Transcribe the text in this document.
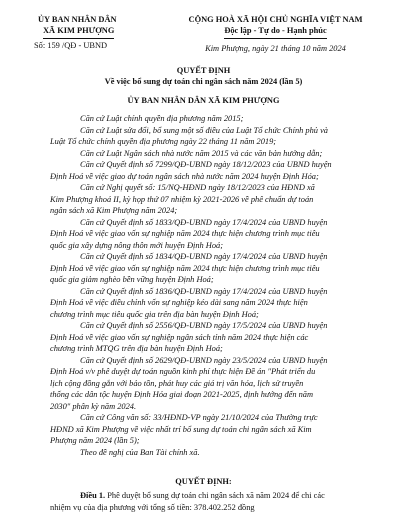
ỦY BAN NHÂN DÂN
XÃ KIM PHƯỢNG
Số: 159 /QĐ - UBND
CỘNG HOÀ XÃ HỘI CHỦ NGHĨA VIỆT NAM
Độc lập - Tự do - Hạnh phúc
Kim Phượng, ngày 21 tháng 10 năm 2024
QUYẾT ĐỊNH
Về việc bổ sung dự toán chi ngân sách năm 2024 (lần 5)
ỦY BAN NHÂN DÂN XÃ KIM PHƯỢNG
Căn cứ Luật chính quyền địa phương năm 2015;
Căn cứ Luật sửa đổi, bổ sung một số điều của Luật Tổ chức Chính phủ và
Luật Tổ chức chính quyền địa phương ngày 22 tháng 11 năm 2019;
Căn cứ Luật Ngân sách nhà nước năm 2015 và các văn bản hướng dẫn;
Căn cứ Quyết định số 7299/QĐ-UBND ngày 18/12/2023 của UBND huyện
Định Hoá về việc giao dự toán ngân sách nhà nước năm 2024 huyện Định Hóa;
Căn cứ Nghị quyết số: 15/NQ-HĐND ngày 18/12/2023 của HĐND xã
Kim Phượng khoá II, kỳ họp thứ 07 nhiệm kỳ 2021-2026 về phê chuẩn dự toán
ngân sách xã Kim Phượng năm 2024;
Căn cứ Quyết định số 1833/QĐ-UBND ngày 17/4/2024 của UBND huyện
Định Hoá về việc giao vốn sự nghiệp năm 2024 thực hiện chương trình mục tiêu
quốc gia xây dựng nông thôn mới huyện Định Hoá;
Căn cứ Quyết định số 1834/QĐ-UBND ngày 17/4/2024 của UBND huyện
Định Hoá về việc giao vốn sự nghiệp năm 2024 thực hiện chương trình mục tiêu
quốc gia giảm nghèo bền vững huyện Định Hoá;
Căn cứ Quyết định số 1836/QĐ-UBND ngày 17/4/2024 của UBND huyện
Định Hoá về việc điều chỉnh vốn sự nghiệp kéo dài sang năm 2024 thực hiện
chương trình mục tiêu quốc gia trên địa bàn huyện Định Hoá;
Căn cứ Quyết định số 2556/QĐ-UBND ngày 17/5/2024 của UBND huyện
Định Hoá về việc giao vốn sự nghiệp ngân sách tỉnh năm 2024 thực hiện các
chương trình MTQG trên địa bàn huyện Định Hoá;
Căn cứ Quyết định số 2629/QĐ-UBND ngày 23/5/2024 của UBND huyện
Định Hoá v/v phê duyệt dự toán nguồn kinh phí thực hiện Đề án "Phát triển du
lịch cộng đồng gắn với bảo tồn, phát huy các giá trị văn hóa, lịch sử truyền
thống các dân tộc huyện Định Hóa giai đoạn 2021-2025, định hướng đến năm
2030" phân kỳ năm 2024.
Căn cứ Công văn số: 33/HĐND-VP ngày 21/10/2024 của Thường trực
HĐND xã Kim Phượng về việc nhất trí bổ sung dự toán chi ngân sách xã Kim
Phượng năm 2024 (lần 5);
Theo đề nghị của Ban Tài chính xã.
QUYẾT ĐỊNH:
Điều 1. Phê duyệt bổ sung dự toán chi ngân sách xã năm 2024 để chi các
nhiệm vụ của địa phương với tổng số tiền: 378.402.252 đồng
